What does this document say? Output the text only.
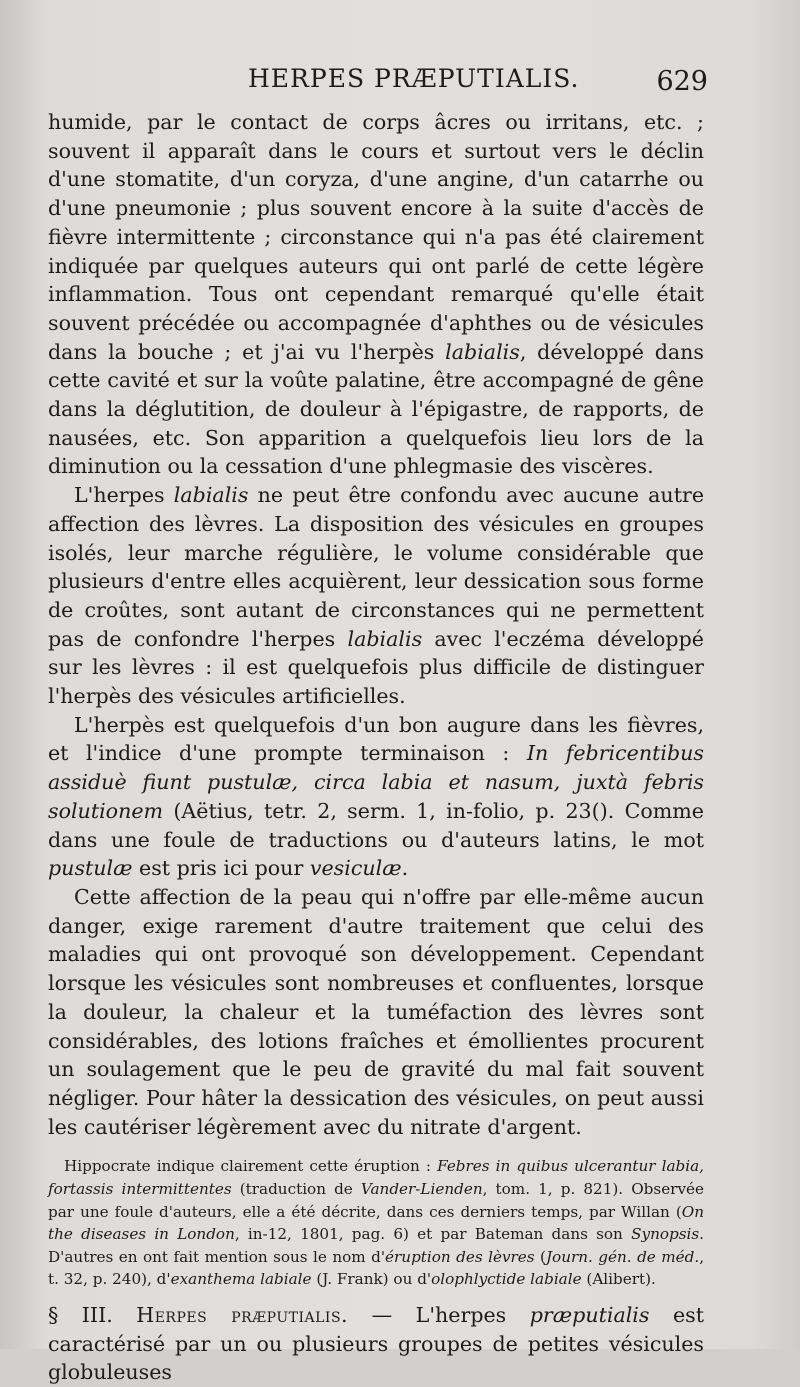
HERPES PRÆPUTIALIS.	629

humide, par le contact de corps âcres ou irritans, etc. ; souvent il apparaît dans le cours et surtout vers le déclin d'une stomatite, d'un coryza, d'une angine, d'un catarrhe ou d'une pneumonie ; plus souvent encore à la suite d'accès de fièvre intermittente ; circonstance qui n'a pas été clairement indiquée par quelques auteurs qui ont parlé de cette légère inflammation. Tous ont cependant remarqué qu'elle était souvent précédée ou accompagnée d'aphthes ou de vésicules dans la bouche ; et j'ai vu l'herpès labialis, développé dans cette cavité et sur la voûte palatine, être accompagné de gêne dans la déglutition, de douleur à l'épigastre, de rapports, de nausées, etc. Son apparition a quelquefois lieu lors de la diminution ou la cessation d'une phlegmasie des viscères.

L'herpes labialis ne peut être confondu avec aucune autre affection des lèvres. La disposition des vésicules en groupes isolés, leur marche régulière, le volume considérable que plusieurs d'entre elles acquièrent, leur dessication sous forme de croûtes, sont autant de circonstances qui ne permettent pas de confondre l'herpes labialis avec l'eczéma développé sur les lèvres : il est quelquefois plus difficile de distinguer l'herpès des vésicules artificielles.

L'herpès est quelquefois d'un bon augure dans les fièvres, et l'indice d'une prompte terminaison : In febricentibus assiduè fiunt pustulæ, circa labia et nasum, juxtà febris solutionem (Aëtius, tetr. 2, serm. 1, in-folio, p. 23(). Comme dans une foule de traductions ou d'auteurs latins, le mot pustulæ est pris ici pour vesiculæ.

Cette affection de la peau qui n'offre par elle-même aucun danger, exige rarement d'autre traitement que celui des maladies qui ont provoqué son développement. Cependant lorsque les vésicules sont nombreuses et confluentes, lorsque la douleur, la chaleur et la tuméfaction des lèvres sont considérables, des lotions fraîches et émollientes procurent un soulagement que le peu de gravité du mal fait souvent négliger. Pour hâter la dessication des vésicules, on peut aussi les cautériser légèrement avec du nitrate d'argent.

Hippocrate indique clairement cette éruption : Febres in quibus ulcerantur labia, fortassis intermittentes (traduction de Vander-Lienden, tom. 1, p. 821). Observée par une foule d'auteurs, elle a été décrite, dans ces derniers temps, par Willan (On the diseases in London, in-12, 1801, pag. 6) et par Bateman dans son Synopsis. D'autres en ont fait mention sous le nom d'éruption des lèvres (Journ. gén. de méd., t. 32, p. 240), d'exanthema labiale (J. Frank) ou d'olophlyctide labiale (Alibert).

§ III. Herpes præputialis. — L'herpes præputialis est caractérisé par un ou plusieurs groupes de petites vésicules globuleuses
